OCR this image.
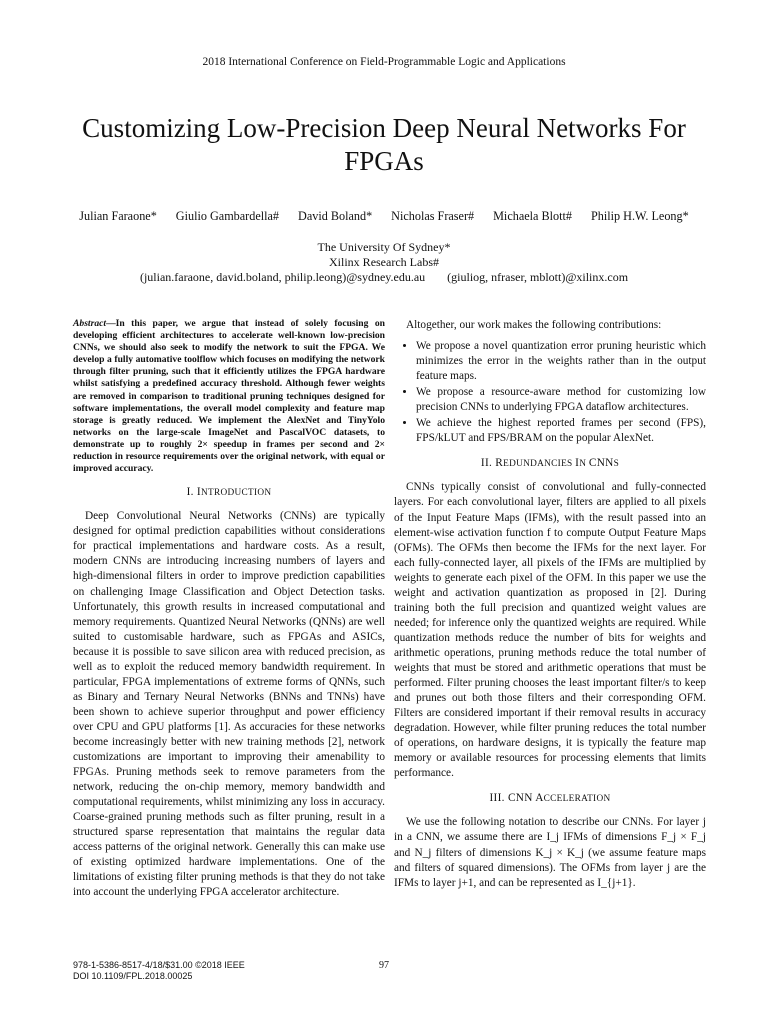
2018 International Conference on Field-Programmable Logic and Applications
Customizing Low-Precision Deep Neural Networks For FPGAs
Julian Faraone* Giulio Gambardella# David Boland* Nicholas Fraser# Michaela Blott# Philip H.W. Leong*
The University Of Sydney*
Xilinx Research Labs#
(julian.faraone, david.boland, philip.leong)@sydney.edu.au (giuliog, nfraser, mblott)@xilinx.com
Abstract—In this paper, we argue that instead of solely focusing on developing efficient architectures to accelerate well-known low-precision CNNs, we should also seek to modify the network to suit the FPGA. We develop a fully automative toolflow which focuses on modifying the network through filter pruning, such that it efficiently utilizes the FPGA hardware whilst satisfying a predefined accuracy threshold. Although fewer weights are removed in comparison to traditional pruning techniques designed for software implementations, the overall model complexity and feature map storage is greatly reduced. We implement the AlexNet and TinyYolo networks on the large-scale ImageNet and PascalVOC datasets, to demonstrate up to roughly 2× speedup in frames per second and 2× reduction in resource requirements over the original network, with equal or improved accuracy.
I. INTRODUCTION

Deep Convolutional Neural Networks (CNNs) are typically designed for optimal prediction capabilities without considerations for practical implementations and hardware costs. As a result, modern CNNs are introducing increasing numbers of layers and high-dimensional filters in order to improve prediction capabilities on challenging Image Classification and Object Detection tasks. Unfortunately, this growth results in increased computational and memory requirements. Quantized Neural Networks (QNNs) are well suited to customisable hardware, such as FPGAs and ASICs, because it is possible to save silicon area with reduced precision, as well as to exploit the reduced memory bandwidth requirement. In particular, FPGA implementations of extreme forms of QNNs, such as Binary and Ternary Neural Networks (BNNs and TNNs) have been shown to achieve superior throughput and power efficiency over CPU and GPU platforms [1]. As accuracies for these networks become increasingly better with new training methods [2], network customizations are important to improving their amenability to FPGAs. Pruning methods seek to remove parameters from the network, reducing the on-chip memory, memory bandwidth and computational requirements, whilst minimizing any loss in accuracy. Coarse-grained pruning methods such as filter pruning, result in a structured sparse representation that maintains the regular data access patterns of the original network. Generally this can make use of existing optimized hardware implementations. One of the limitations of existing filter pruning methods is that they do not take into account the underlying FPGA accelerator architecture.

Altogether, our work makes the following contributions:

• We propose a novel quantization error pruning heuristic which minimizes the error in the weights rather than in the output feature maps.
• We propose a resource-aware method for customizing low precision CNNs to underlying FPGA dataflow architectures.
• We achieve the highest reported frames per second (FPS), FPS/kLUT and FPS/BRAM on the popular AlexNet.
II. REDUNDANCIES IN CNNS

CNNs typically consist of convolutional and fully-connected layers. For each convolutional layer, filters are applied to all pixels of the Input Feature Maps (IFMs), with the result passed into an element-wise activation function f to compute Output Feature Maps (OFMs). The OFMs then become the IFMs for the next layer. For each fully-connected layer, all pixels of the IFMs are multiplied by weights to generate each pixel of the OFM. In this paper we use the weight and activation quantization as proposed in [2]. During training both the full precision and quantized weight values are needed; for inference only the quantized weights are required. While quantization methods reduce the number of bits for weights and arithmetic operations, pruning methods reduce the total number of weights that must be stored and arithmetic operations that must be performed. Filter pruning chooses the least important filter/s to keep and prunes out both those filters and their corresponding OFM. Filters are considered important if their removal results in accuracy degradation. However, while filter pruning reduces the total number of operations, on hardware designs, it is typically the feature map memory or available resources for processing elements that limits performance.

III. CNN ACCELERATION

We use the following notation to describe our CNNs. For layer j in a CNN, we assume there are I_j IFMs of dimensions F_j × F_j and N_j filters of dimensions K_j × K_j (we assume feature maps and filters of squared dimensions). The OFMs from layer j are the IFMs to layer j+1, and can be represented as I_{j+1}.

978-1-5386-8517-4/18/$31.00 ©2018 IEEE
DOI 10.1109/FPL.2018.00025
97
